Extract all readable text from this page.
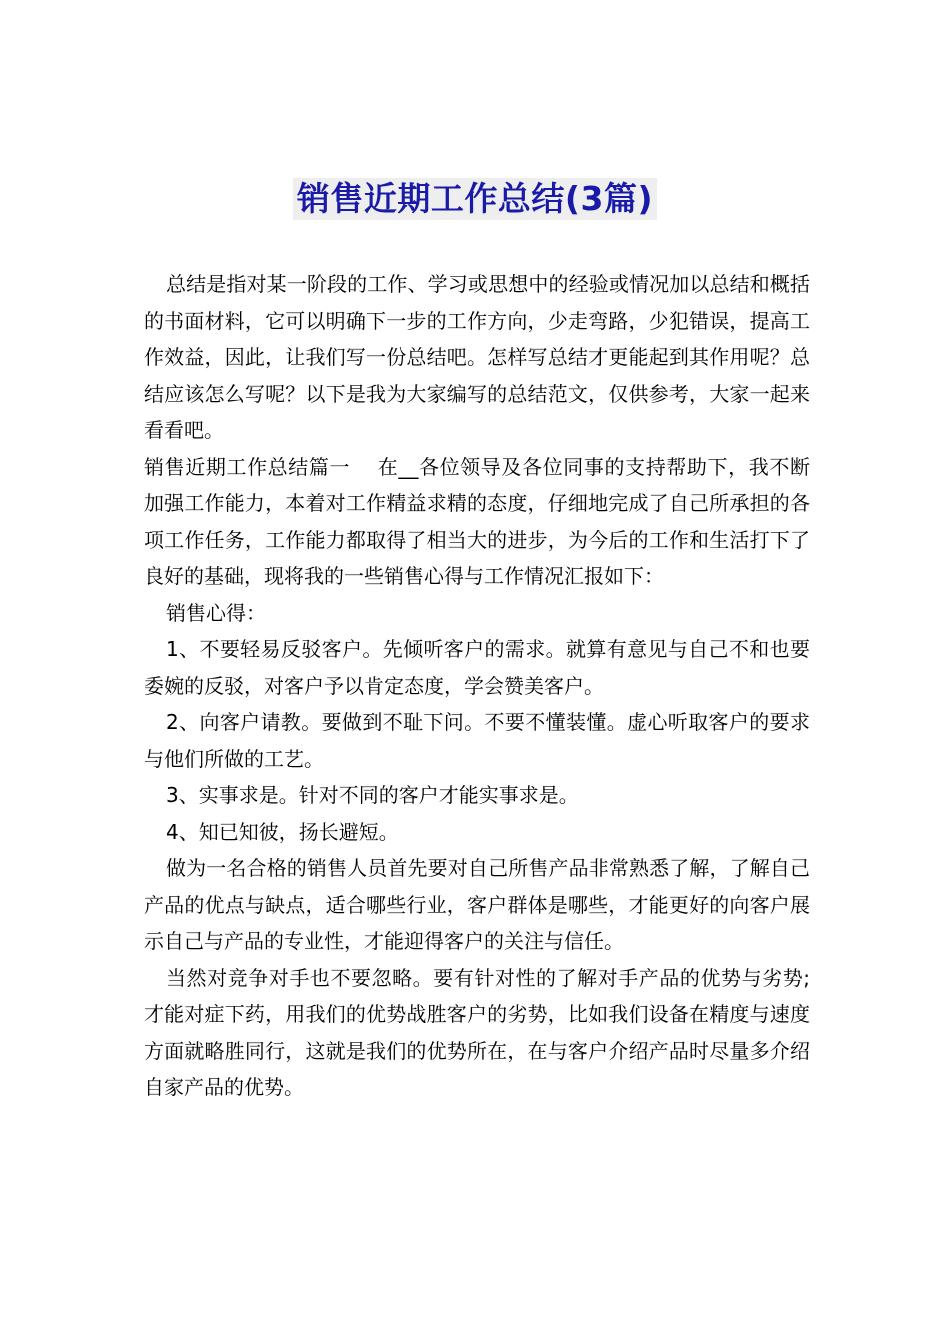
销售近期工作总结(3篇)

总结是指对某一阶段的工作、学习或思想中的经验或情况加以总结和概括的书面材料，它可以明确下一步的工作方向，少走弯路，少犯错误，提高工作效益，因此，让我们写一份总结吧。怎样写总结才更能起到其作用呢？总结应该怎么写呢？以下是我为大家编写的总结范文，仅供参考，大家一起来看看吧。

销售近期工作总结篇一　 在__各位领导及各位同事的支持帮助下，我不断加强工作能力，本着对工作精益求精的态度，仔细地完成了自己所承担的各项工作任务，工作能力都取得了相当大的进步，为今后的工作和生活打下了良好的基础，现将我的一些销售心得与工作情况汇报如下：

销售心得：

1、不要轻易反驳客户。先倾听客户的需求。就算有意见与自己不和也要委婉的反驳，对客户予以肯定态度，学会赞美客户。

2、向客户请教。要做到不耻下问。不要不懂装懂。虚心听取客户的要求与他们所做的工艺。

3、实事求是。针对不同的客户才能实事求是。

4、知已知彼，扬长避短。

做为一名合格的销售人员首先要对自己所售产品非常熟悉了解，了解自己产品的优点与缺点，适合哪些行业，客户群体是哪些，才能更好的向客户展示自己与产品的专业性，才能迎得客户的关注与信任。

当然对竞争对手也不要忽略。要有针对性的了解对手产品的优势与劣势;才能对症下药，用我们的优势战胜客户的劣势，比如我们设备在精度与速度方面就略胜同行，这就是我们的优势所在，在与客户介绍产品时尽量多介绍自家产品的优势。
